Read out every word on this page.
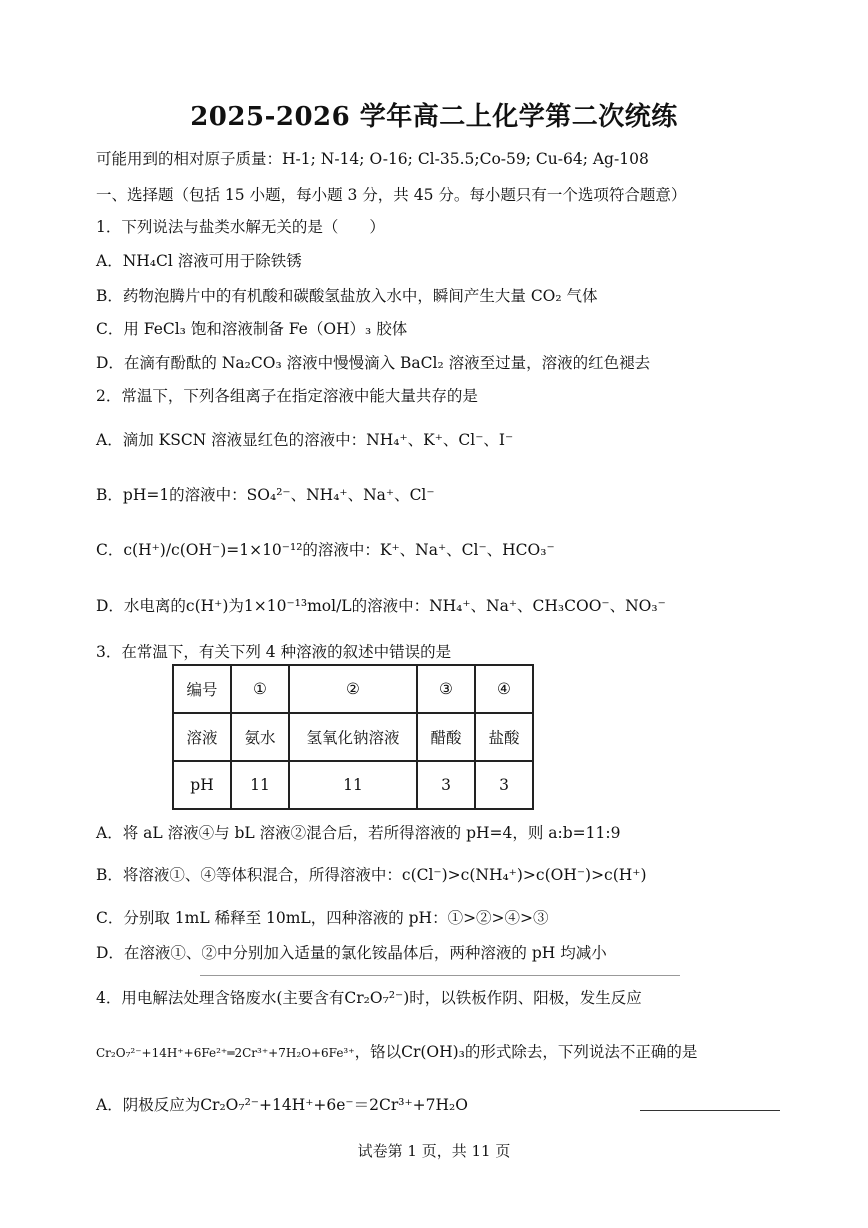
2025-2026 学年高二上化学第二次统练
可能用到的相对原子质量：H-1; N-14; O-16; Cl-35.5;Co-59; Cu-64; Ag-108
一、选择题（包括 15 小题，每小题 3 分，共 45 分。每小题只有一个选项符合题意）
1．下列说法与盐类水解无关的是（　　）
A．NH₄Cl 溶液可用于除铁锈
B．药物泡腾片中的有机酸和碳酸氢盐放入水中，瞬间产生大量 CO₂ 气体
C．用 FeCl₃ 饱和溶液制备 Fe（OH）₃ 胶体
D．在滴有酚酞的 Na₂CO₃ 溶液中慢慢滴入 BaCl₂ 溶液至过量，溶液的红色褪去
2．常温下，下列各组离子在指定溶液中能大量共存的是
A．滴加 KSCN 溶液显红色的溶液中：NH₄⁺、K⁺、Cl⁻、I⁻
B．pH=1的溶液中：SO₄²⁻、NH₄⁺、Na⁺、Cl⁻
C．c(H⁺)/c(OH⁻)=1×10⁻¹²的溶液中：K⁺、Na⁺、Cl⁻、HCO₃⁻
D．水电离的c(H⁺)为1×10⁻¹³mol/L的溶液中：NH₄⁺、Na⁺、CH₃COO⁻、NO₃⁻
3．在常温下，有关下列 4 种溶液的叙述中错误的是
编号	①	②	③	④
溶液	氨水	氢氧化钠溶液	醋酸	盐酸
pH	11	11	3	3
A．将 aL 溶液④与 bL 溶液②混合后，若所得溶液的 pH=4，则 a:b=11:9
B．将溶液①、④等体积混合，所得溶液中：c(Cl⁻)>c(NH₄⁺)>c(OH⁻)>c(H⁺)
C．分别取 1mL 稀释至 10mL，四种溶液的 pH：①>②>④>③
D．在溶液①、②中分别加入适量的氯化铵晶体后，两种溶液的 pH 均减小
4．用电解法处理含铬废水(主要含有Cr₂O₇²⁻)时，以铁板作阴、阳极，发生反应
Cr₂O₇²⁻+14H⁺+6Fe²⁺═2Cr³⁺+7H₂O+6Fe³⁺，铬以Cr(OH)₃的形式除去，下列说法不正确的是
A．阴极反应为Cr₂O₇²⁻+14H⁺+6e⁻＝2Cr³⁺+7H₂O
试卷第 1 页，共 11 页
